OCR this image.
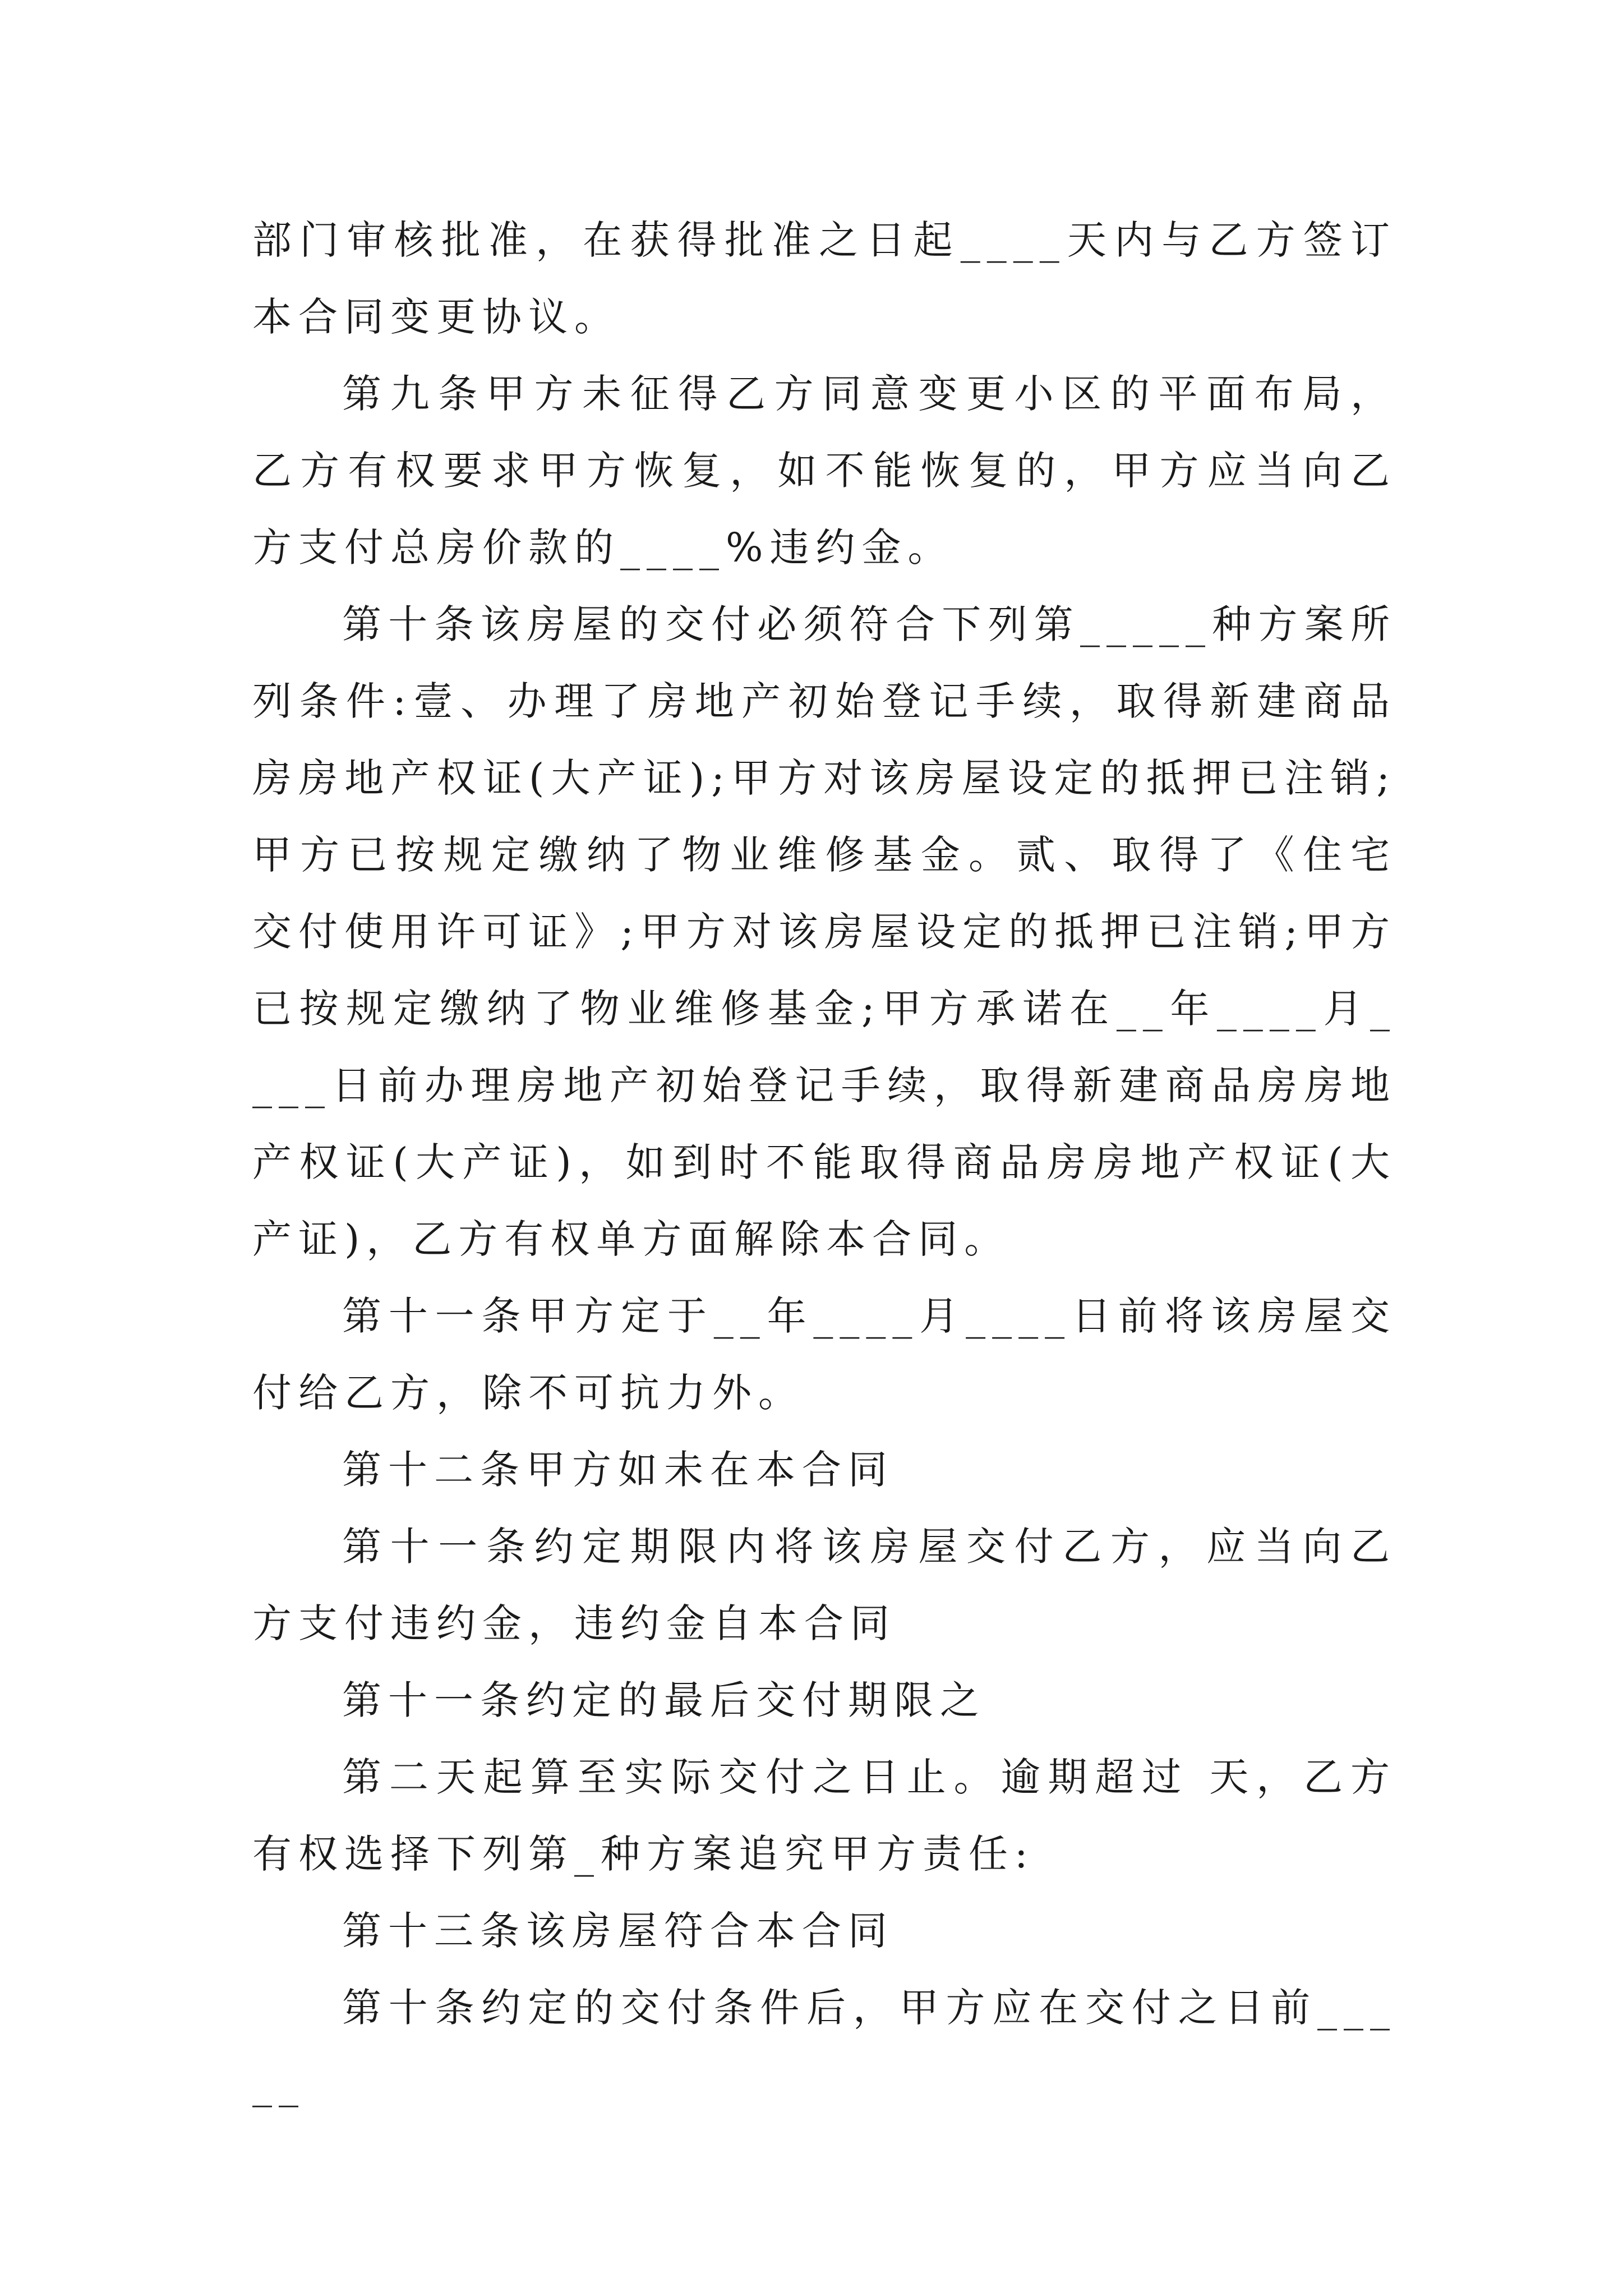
部门审核批准，在获得批准之日起____天内与乙方签订本合同变更协议。

第九条甲方未征得乙方同意变更小区的平面布局，乙方有权要求甲方恢复，如不能恢复的，甲方应当向乙方支付总房价款的____%违约金。

第十条该房屋的交付必须符合下列第_____种方案所列条件:壹、办理了房地产初始登记手续，取得新建商品房房地产权证(大产证);甲方对该房屋设定的抵押已注销;甲方已按规定缴纳了物业维修基金。贰、取得了《住宅交付使用许可证》;甲方对该房屋设定的抵押已注销;甲方已按规定缴纳了物业维修基金;甲方承诺在__年____月____日前办理房地产初始登记手续，取得新建商品房房地产权证(大产证)，如到时不能取得商品房房地产权证(大产证)，乙方有权单方面解除本合同。

第十一条甲方定于__年____月____日前将该房屋交付给乙方，除不可抗力外。

第十二条甲方如未在本合同

第十一条约定期限内将该房屋交付乙方，应当向乙方支付违约金，违约金自本合同

第十一条约定的最后交付期限之

第二天起算至实际交付之日止。逾期超过 天，乙方有权选择下列第_种方案追究甲方责任:

第十三条该房屋符合本合同

第十条约定的交付条件后，甲方应在交付之日前_____
